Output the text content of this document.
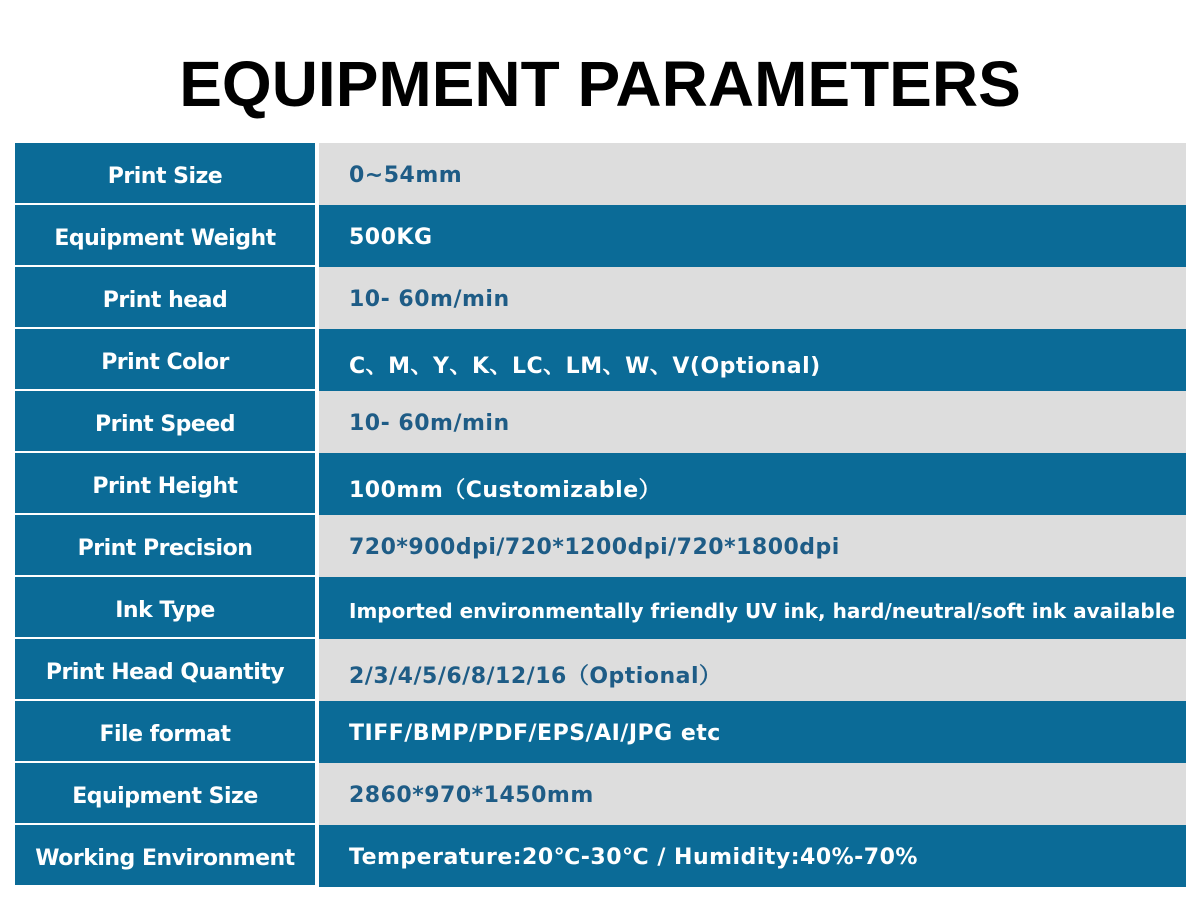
EQUIPMENT PARAMETERS
Print Size	0~54mm
Equipment Weight	500KG
Print head	10- 60m/min
Print Color	C、M、Y、K、LC、LM、W、V(Optional)
Print Speed	10- 60m/min
Print Height	100mm（Customizable）
Print Precision	720*900dpi/720*1200dpi/720*1800dpi
Ink Type	Imported environmentally friendly UV ink, hard/neutral/soft ink available
Print Head Quantity	2/3/4/5/6/8/12/16（Optional）
File format	TIFF/BMP/PDF/EPS/AI/JPG etc
Equipment Size	2860*970*1450mm
Working Environment	Temperature:20℃-30℃ / Humidity:40%-70%
